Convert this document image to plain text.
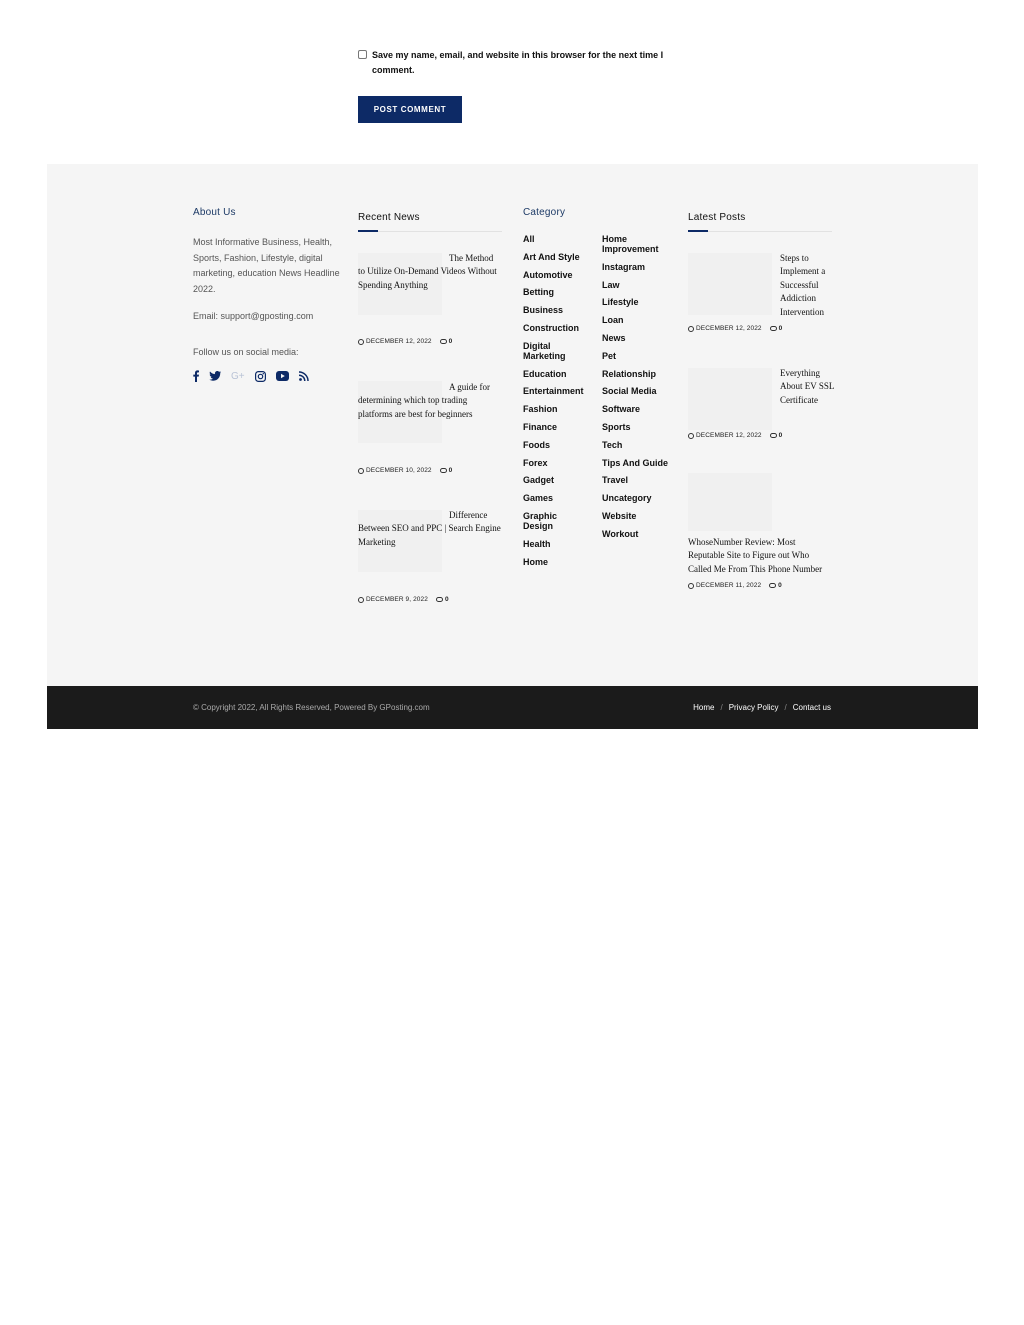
Save my name, email, and website in this browser for the next time I comment.
POST COMMENT
About Us
Most Informative Business, Health, Sports, Fashion, Lifestyle, digital marketing, education News Headline 2022.
Email: support@gposting.com
Follow us on social media:
G+
Recent News
The Method to Utilize On-Demand Videos Without Spending Anything
DECEMBER 12, 2022	0
A guide for determining which top trading platforms are best for beginners
DECEMBER 10, 2022	0
Difference Between SEO and PPC | Search Engine Marketing
DECEMBER 9, 2022	0
Category
All
Art And Style
Automotive
Betting
Business
Construction
Digital Marketing
Education
Entertainment
Fashion
Finance
Foods
Forex
Gadget
Games
Graphic Design
Health
Home
Home Improvement
Instagram
Law
Lifestyle
Loan
News
Pet
Relationship
Social Media
Software
Sports
Tech
Tips And Guide
Travel
Uncategory
Website
Workout
Latest Posts
Steps to Implement a Successful Addiction Intervention
DECEMBER 12, 2022	0
Everything About EV SSL Certificate
DECEMBER 12, 2022	0
WhoseNumber Review: Most Reputable Site to Figure out Who Called Me From This Phone Number
DECEMBER 11, 2022	0
© Copyright 2022, All Rights Reserved, Powered By GPosting.com	Home / Privacy Policy / Contact us
